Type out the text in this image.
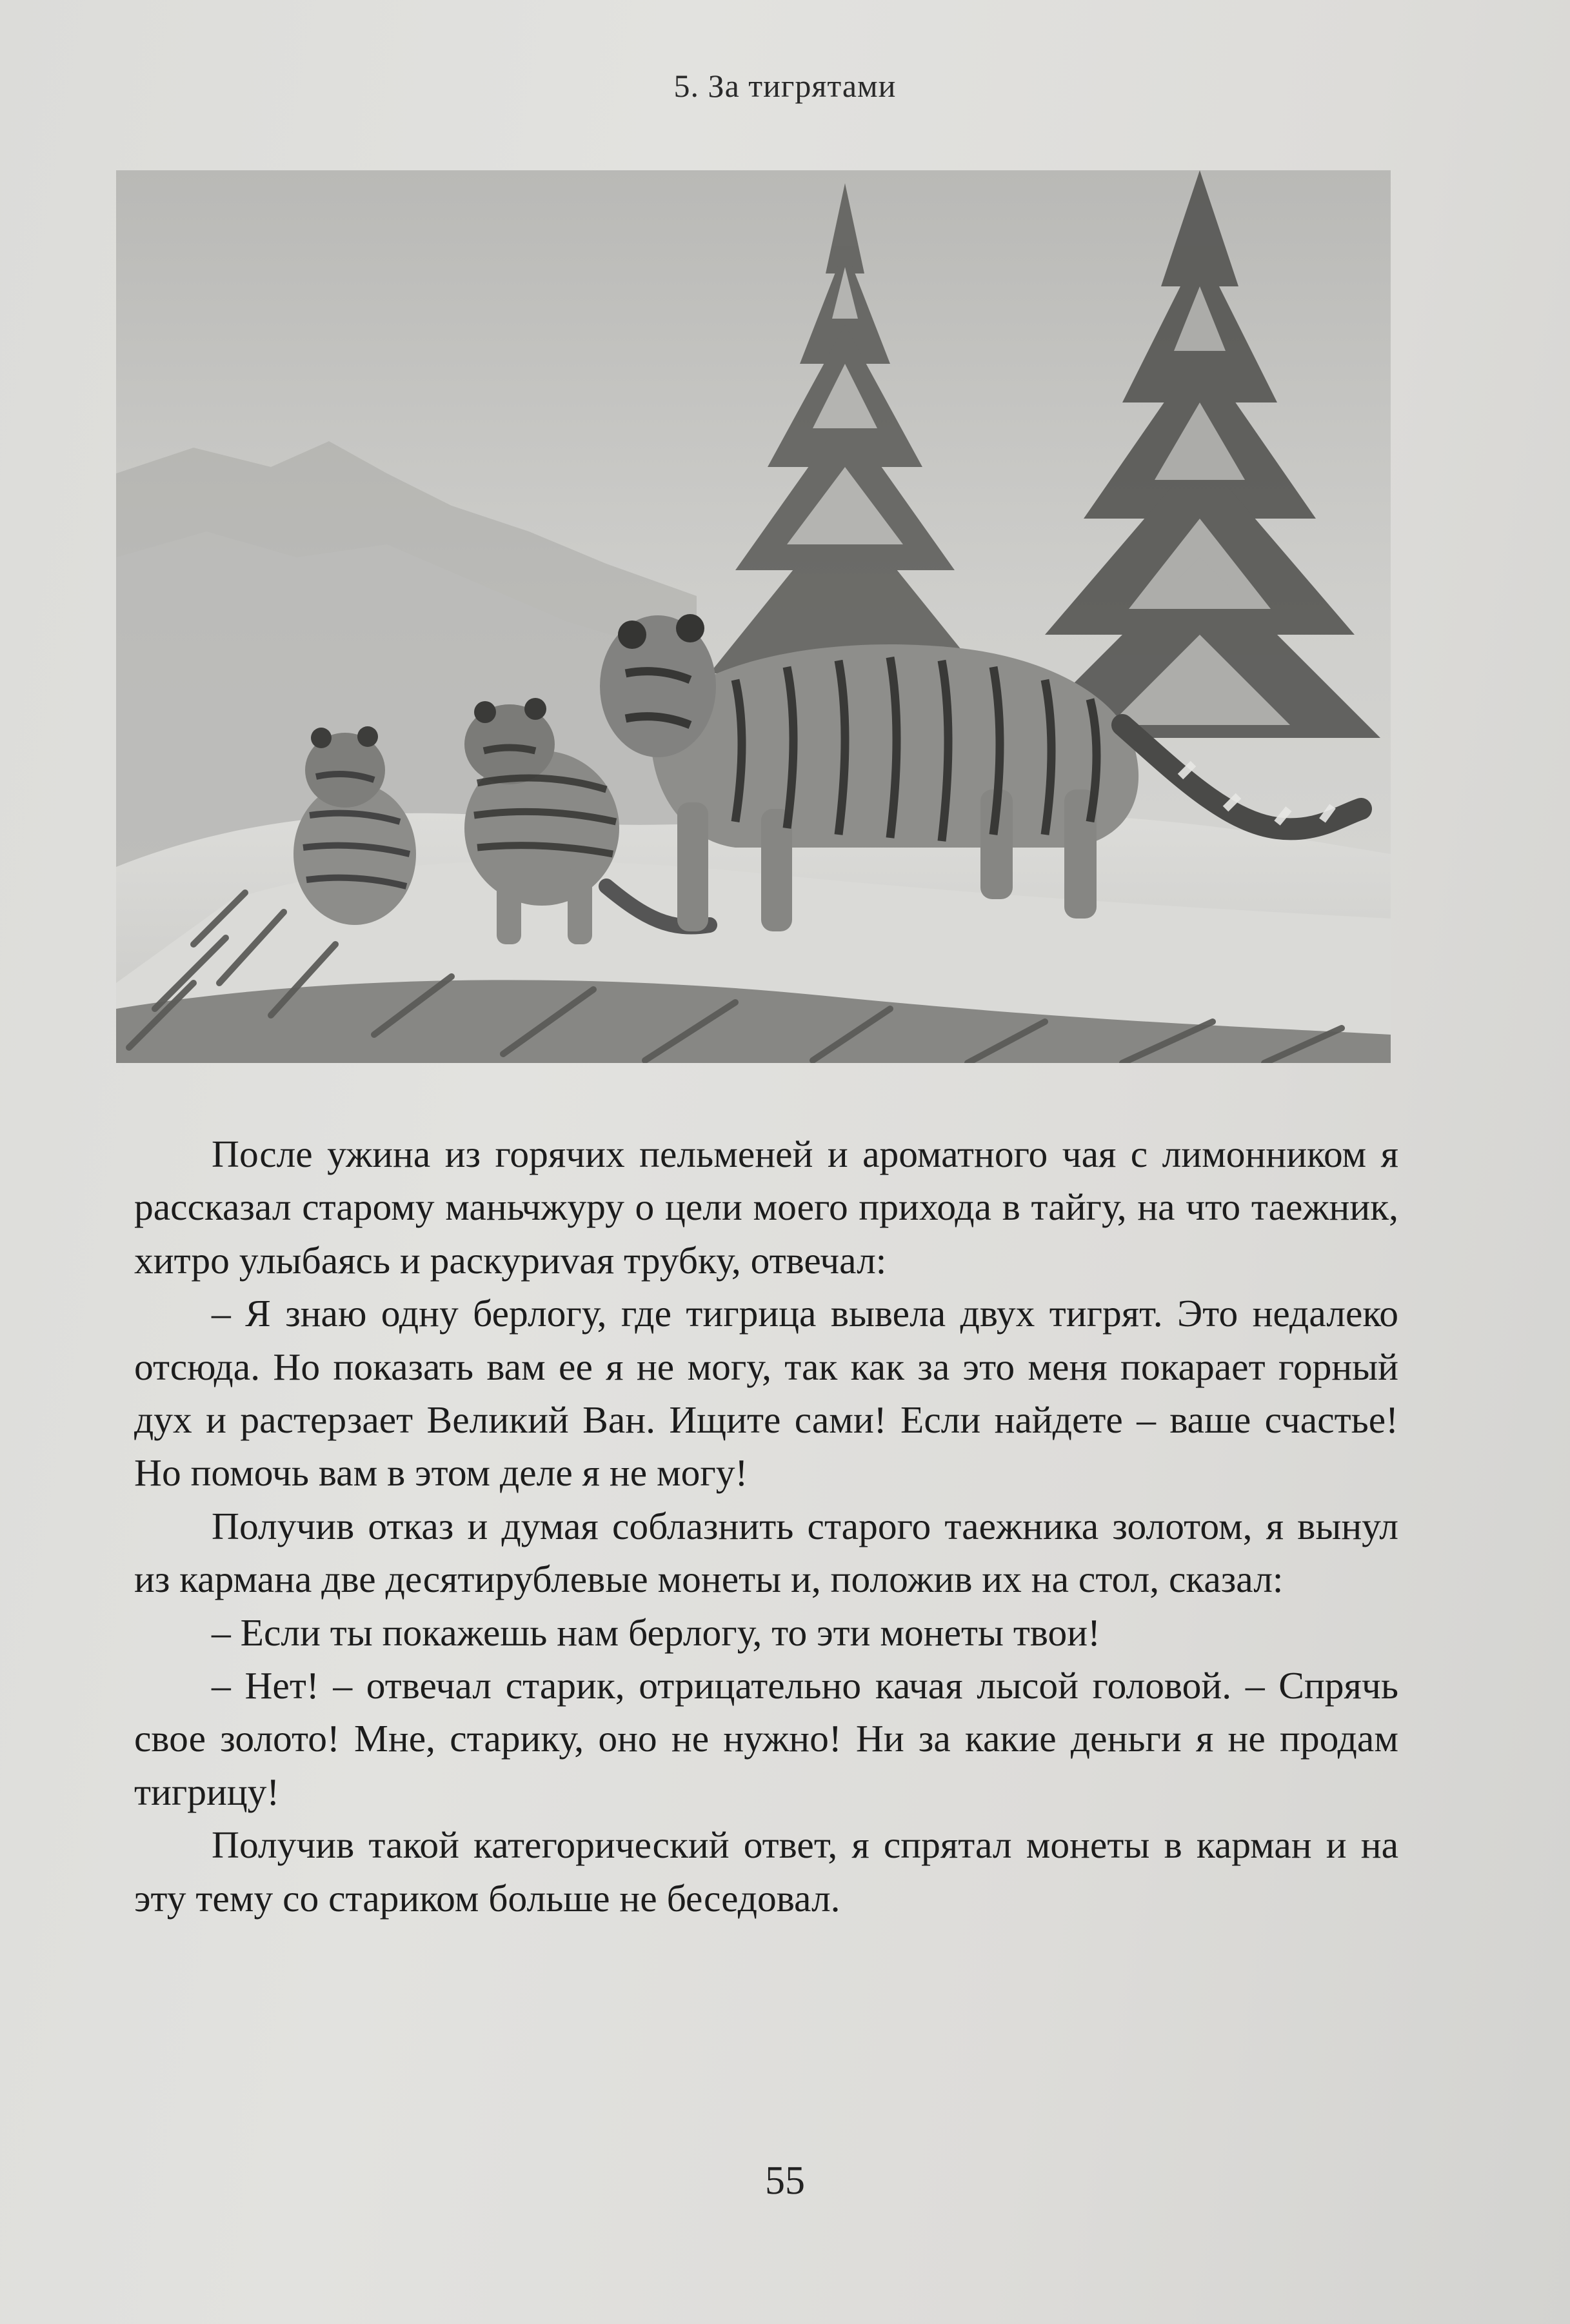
5. За тигрятами

После ужина из горячих пельменей и ароматного чая с лимонником я рассказал старому маньчжуру о цели моего прихода в тайгу, на что таежник, хитро улыбаясь и раскуриvая трубку, отвечал:

– Я знаю одну берлогу, где тигрица вывела двух тигрят. Это недалеко отсюда. Но показать вам ее я не могу, так как за это меня покарает горный дух и растерзает Великий Ван. Ищите сами! Если найдете – ваше счастье! Но помочь вам в этом деле я не могу!

Получив отказ и думая соблазнить старого таежника золотом, я вынул из кармана две десятирублевые монеты и, положив их на стол, сказал:

– Если ты покажешь нам берлогу, то эти монеты твои!

– Нет! – отвечал старик, отрицательно качая лысой головой. – Спрячь свое золото! Мне, старику, оно не нужно! Ни за какие деньги я не продам тигрицу!

Получив такой категорический ответ, я спрятал монеты в карман и на эту тему со стариком больше не беседовал.

55
